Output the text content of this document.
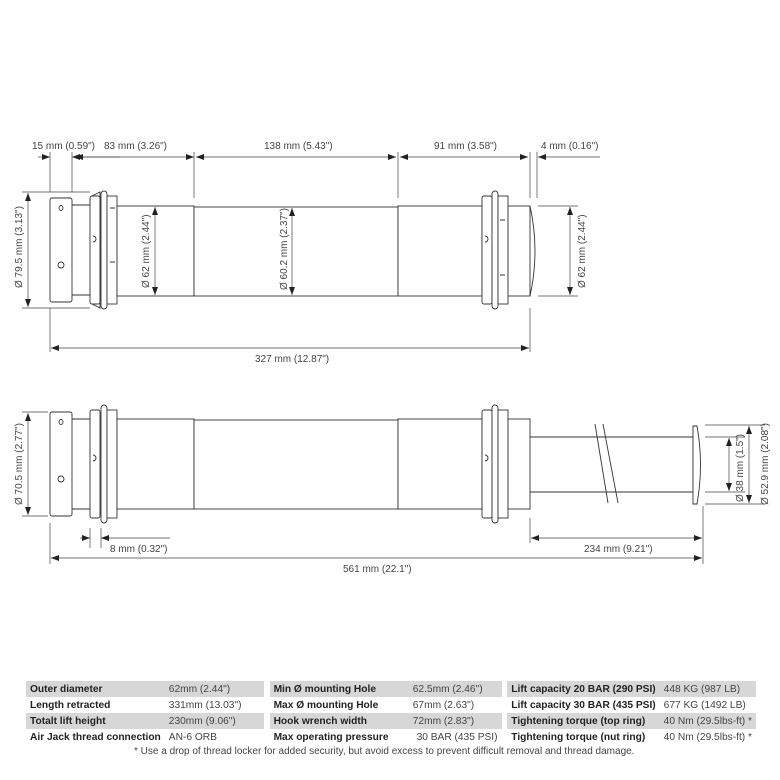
15 mm (0.59") 83 mm (3.26")	138 mm (5.43")	91 mm (3.58")	4 mm (0.16")
Ø 79.5 mm (3.13")	Ø 62 mm (2.44")	Ø 60.2 mm (2.37")	Ø 62 mm (2.44")
327 mm (12.87")
Ø 70.5 mm (2.77")
8 mm (0.32")	234 mm (9.21")
561 mm (22.1")
Ø 38 mm (1.5") Ø 52.9 mm (2.08")
Outer diameter	62mm (2.44")		Min Ø mounting Hole	62.5mm (2.46")		Lift capacity 20 BAR (290 PSI)	448 KG (987 LB)
Length retracted	331mm (13.03")		Max Ø mounting Hole	67mm (2.63")		Lift capacity 30 BAR (435 PSI)	677 KG (1492 LB)
Totalt lift height	230mm (9.06")		Hook wrench width	72mm (2.83")		Tightening torque (top ring)	40 Nm (29.5lbs-ft) *
Air Jack thread connection	AN-6 ORB		Max operating pressure	30 BAR (435 PSI)		Tightening torque (nut ring)	40 Nm (29.5lbs-ft) *
* Use a drop of thread locker for added security, but avoid excess to prevent difficult removal and thread damage.
